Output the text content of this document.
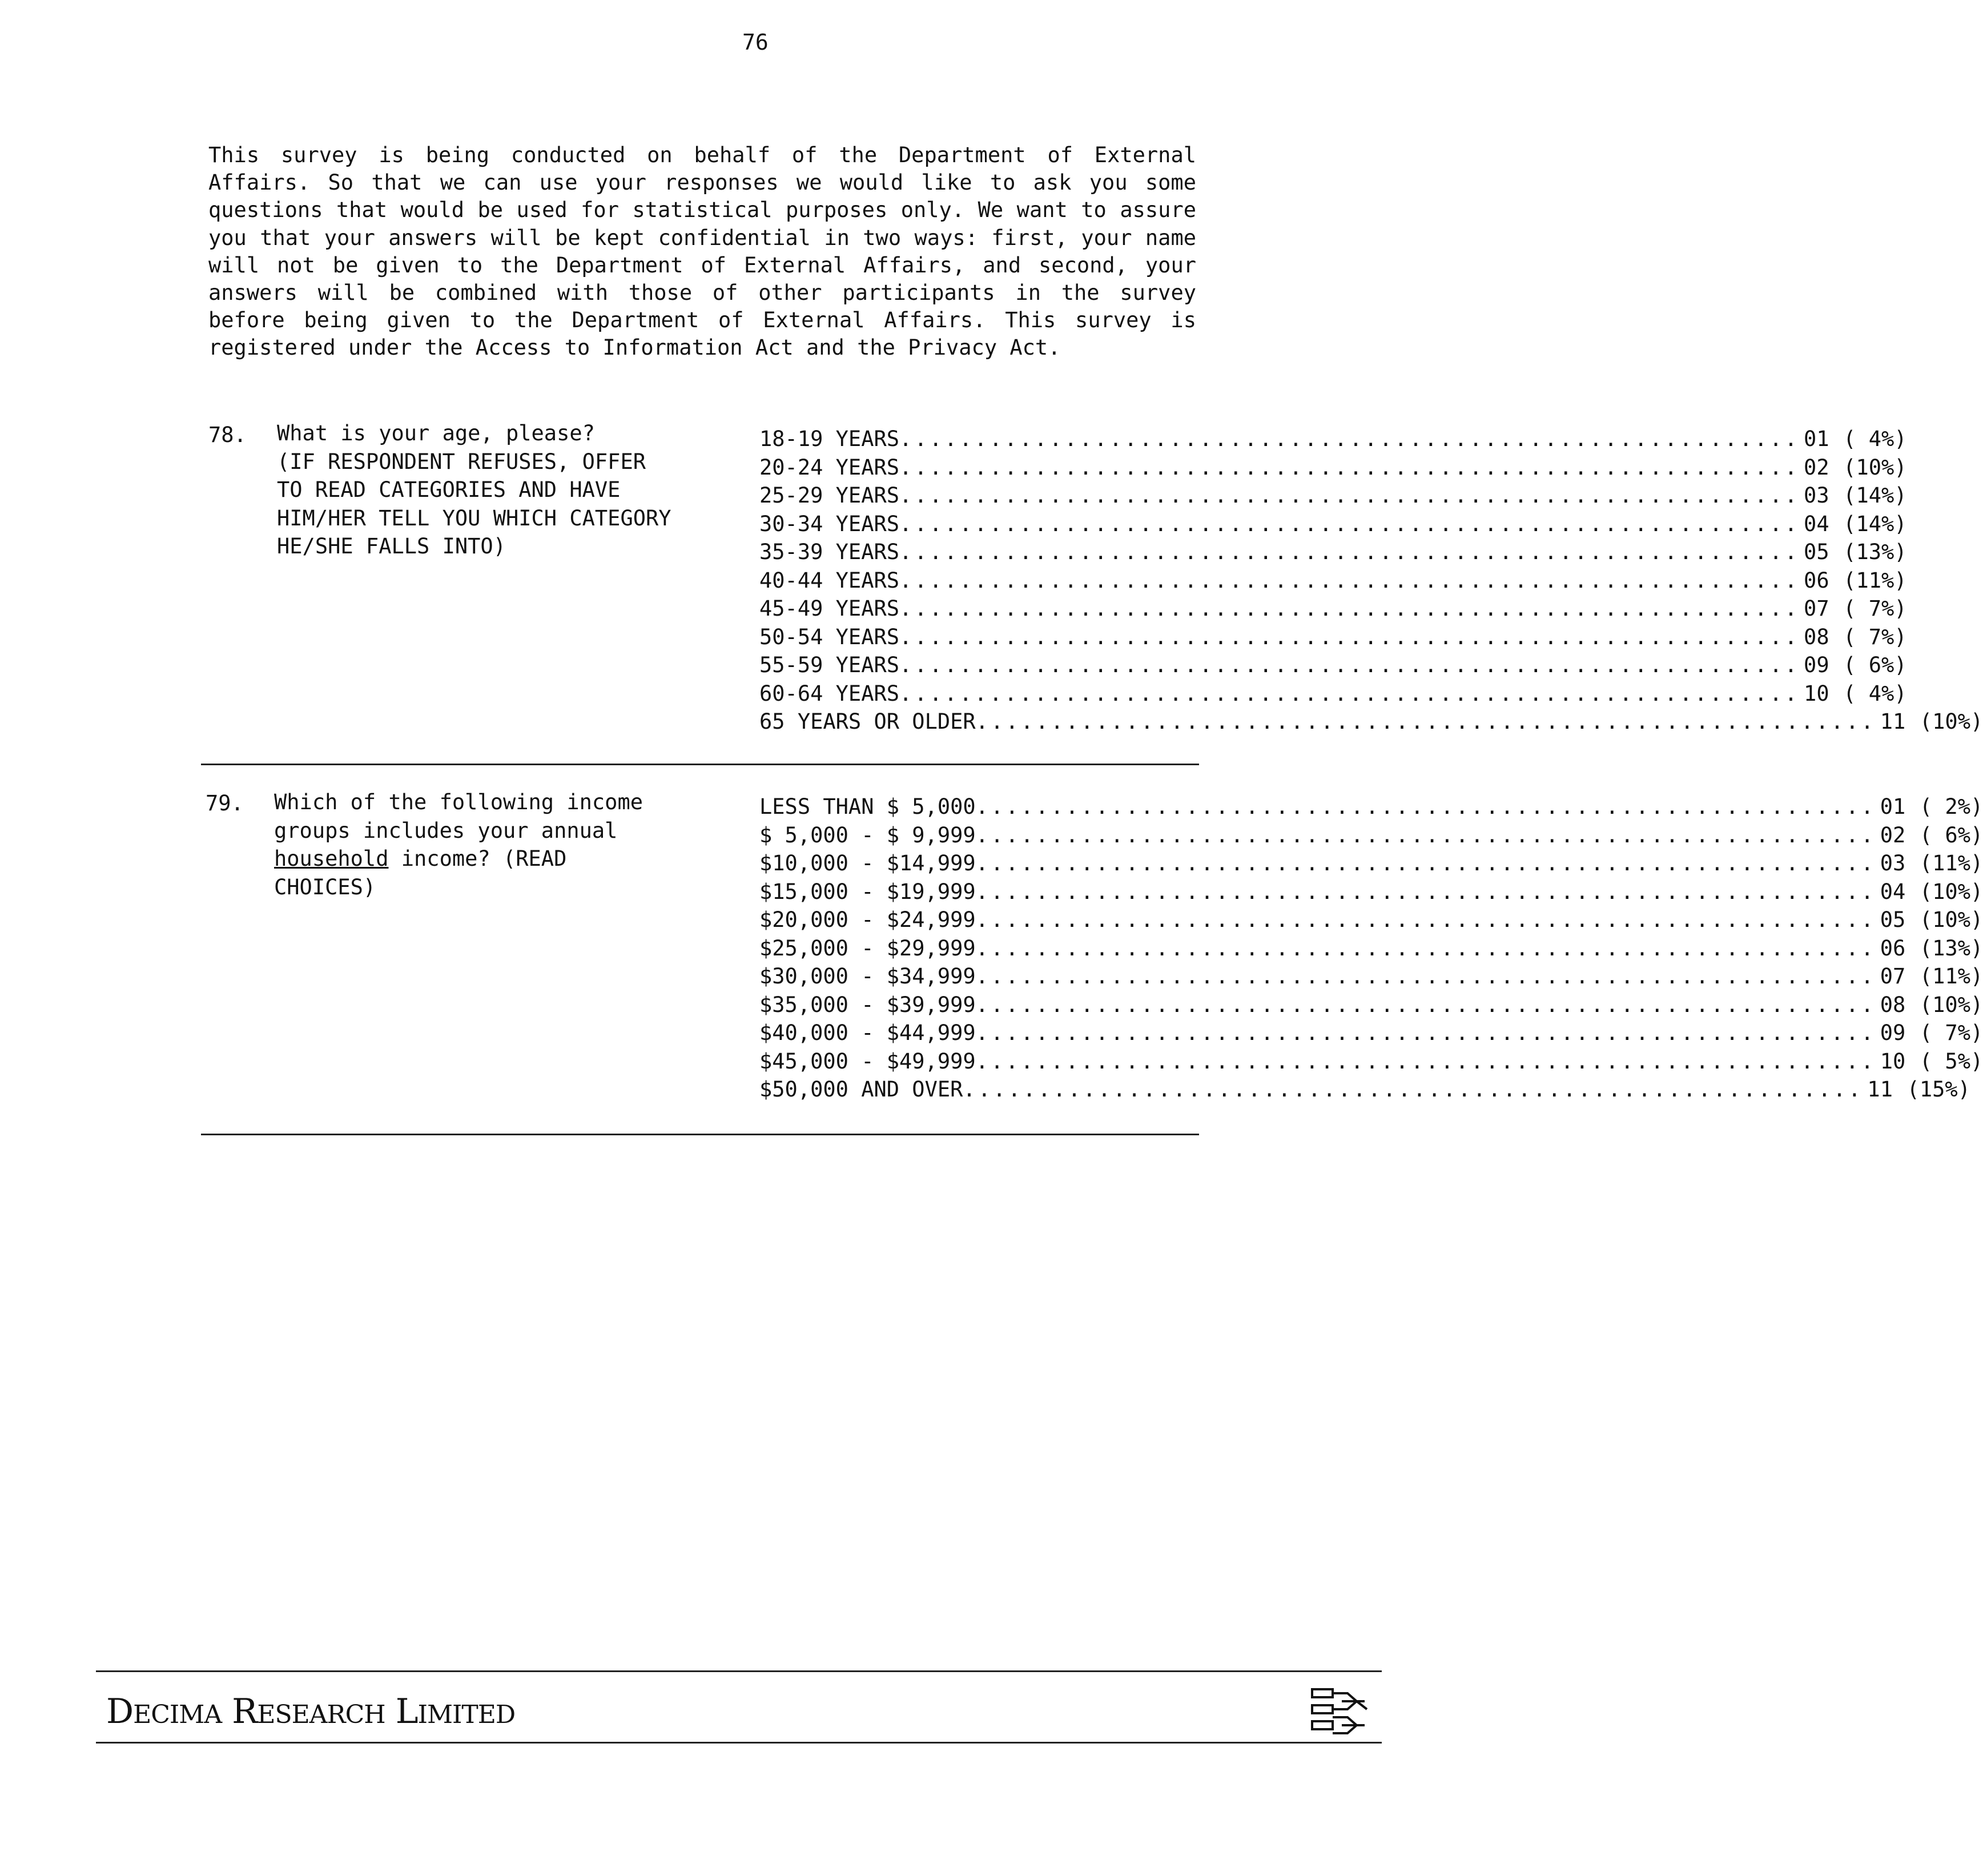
76

This survey is being conducted on behalf of the Department of External Affairs. So that we can use your responses we would like to ask you some questions that would be used for statistical purposes only. We want to assure you that your answers will be kept confidential in two ways: first, your name will not be given to the Department of External Affairs, and second, your answers will be combined with those of other participants in the survey before being given to the Department of External Affairs. This survey is registered under the Access to Information Act and the Privacy Act.

78. What is your age, please?
(IF RESPONDENT REFUSES, OFFER
TO READ CATEGORIES AND HAVE
HIM/HER TELL YOU WHICH CATEGORY
HE/SHE FALLS INTO)
18-19 YEARS ............................................................ 01 ( 4%)
20-24 YEARS ............................................................ 02 (10%)
25-29 YEARS ............................................................ 03 (14%)
30-34 YEARS ............................................................ 04 (14%)
35-39 YEARS ............................................................ 05 (13%)
40-44 YEARS ............................................................ 06 (11%)
45-49 YEARS ............................................................ 07 ( 7%)
50-54 YEARS ............................................................ 08 ( 7%)
55-59 YEARS ............................................................ 09 ( 6%)
60-64 YEARS ............................................................ 10 ( 4%)
65 YEARS OR OLDER ............................................................ 11 (10%)
79. Which of the following income
groups includes your annual
household income? (READ
CHOICES)
LESS THAN $ 5,000 ............................................................ 01 ( 2%)
$ 5,000 - $ 9,999 ............................................................ 02 ( 6%)
$10,000 - $14,999 ............................................................ 03 (11%)
$15,000 - $19,999 ............................................................ 04 (10%)
$20,000 - $24,999 ............................................................ 05 (10%)
$25,000 - $29,999 ............................................................ 06 (13%)
$30,000 - $34,999 ............................................................ 07 (11%)
$35,000 - $39,999 ............................................................ 08 (10%)
$40,000 - $44,999 ............................................................ 09 ( 7%)
$45,000 - $49,999 ............................................................ 10 ( 5%)
$50,000 AND OVER ............................................................ 11 (15%)
DECIMA RESEARCH LIMITED
